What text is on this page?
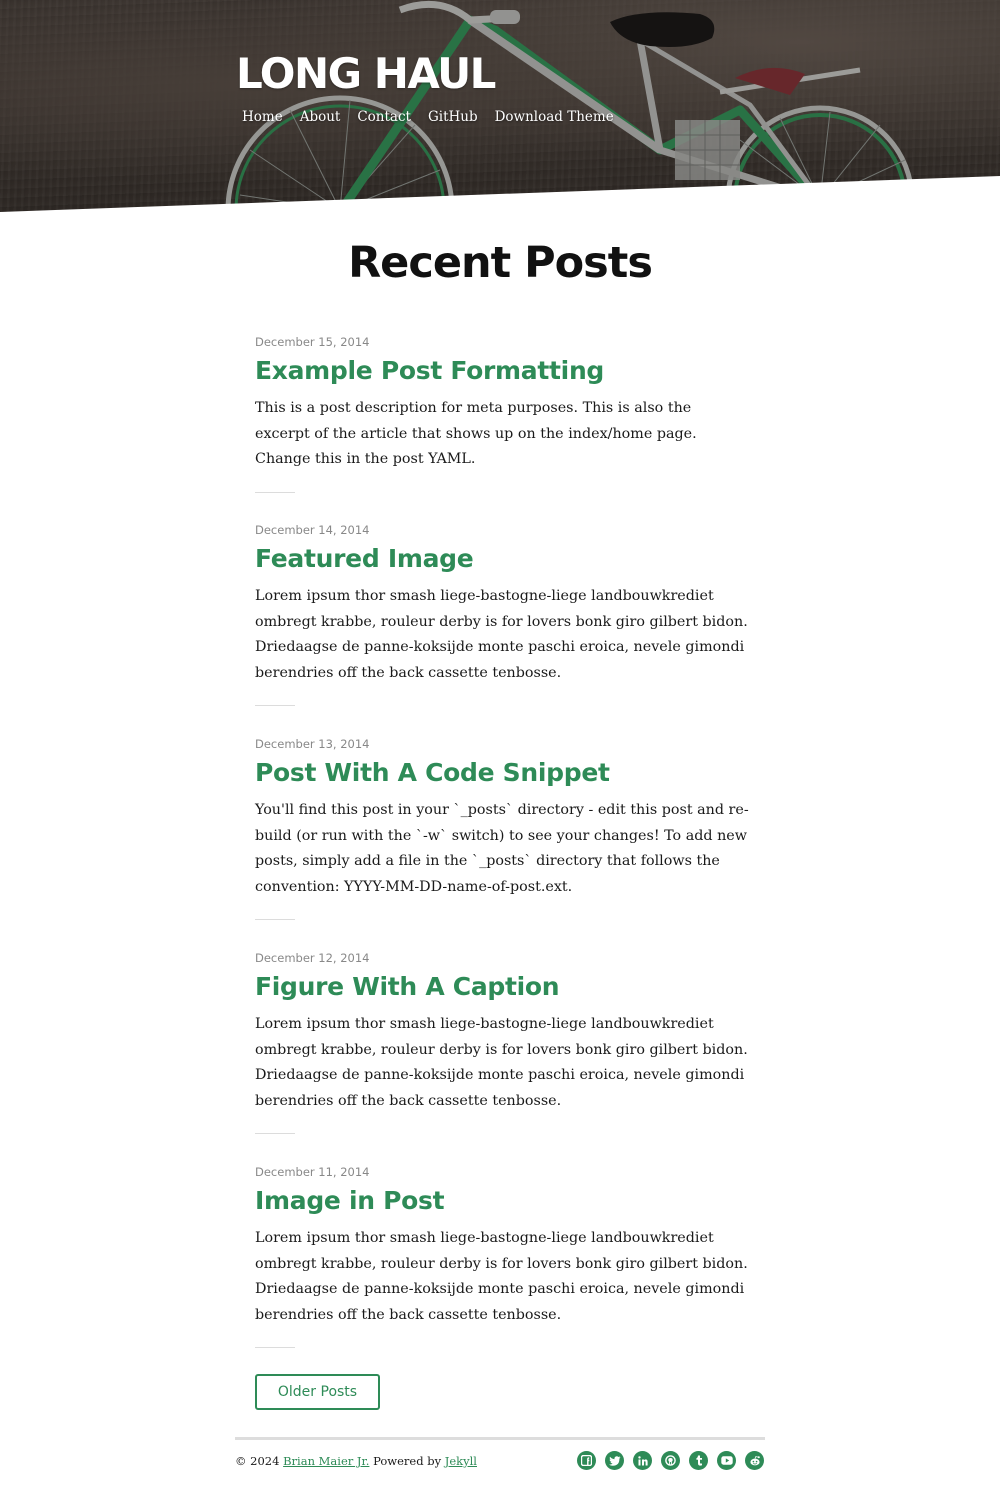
LONG HAUL
Home About Contact GitHub Download Theme
Recent Posts
December 15, 2014
Example Post Formatting

This is a post description for meta purposes. This is also the excerpt of the article that shows up on the index/home page. Change this in the post YAML.

December 14, 2014
Featured Image

Lorem ipsum thor smash liege-bastogne-liege landbouwkrediet ombregt krabbe, rouleur derby is for lovers bonk giro gilbert bidon. Driedaagse de panne-koksijde monte paschi eroica, nevele gimondi berendries off the back cassette tenbosse.

December 13, 2014
Post With A Code Snippet

You'll find this post in your `_posts` directory - edit this post and re-build (or run with the `-w` switch) to see your changes! To add new posts, simply add a file in the `_posts` directory that follows the convention: YYYY-MM-DD-name-of-post.ext.

December 12, 2014
Figure With A Caption

Lorem ipsum thor smash liege-bastogne-liege landbouwkrediet ombregt krabbe, rouleur derby is for lovers bonk giro gilbert bidon. Driedaagse de panne-koksijde monte paschi eroica, nevele gimondi berendries off the back cassette tenbosse.

December 11, 2014
Image in Post

Lorem ipsum thor smash liege-bastogne-liege landbouwkrediet ombregt krabbe, rouleur derby is for lovers bonk giro gilbert bidon. Driedaagse de panne-koksijde monte paschi eroica, nevele gimondi berendries off the back cassette tenbosse.

Older Posts
© 2024 Brian Maier Jr. Powered by Jekyll
